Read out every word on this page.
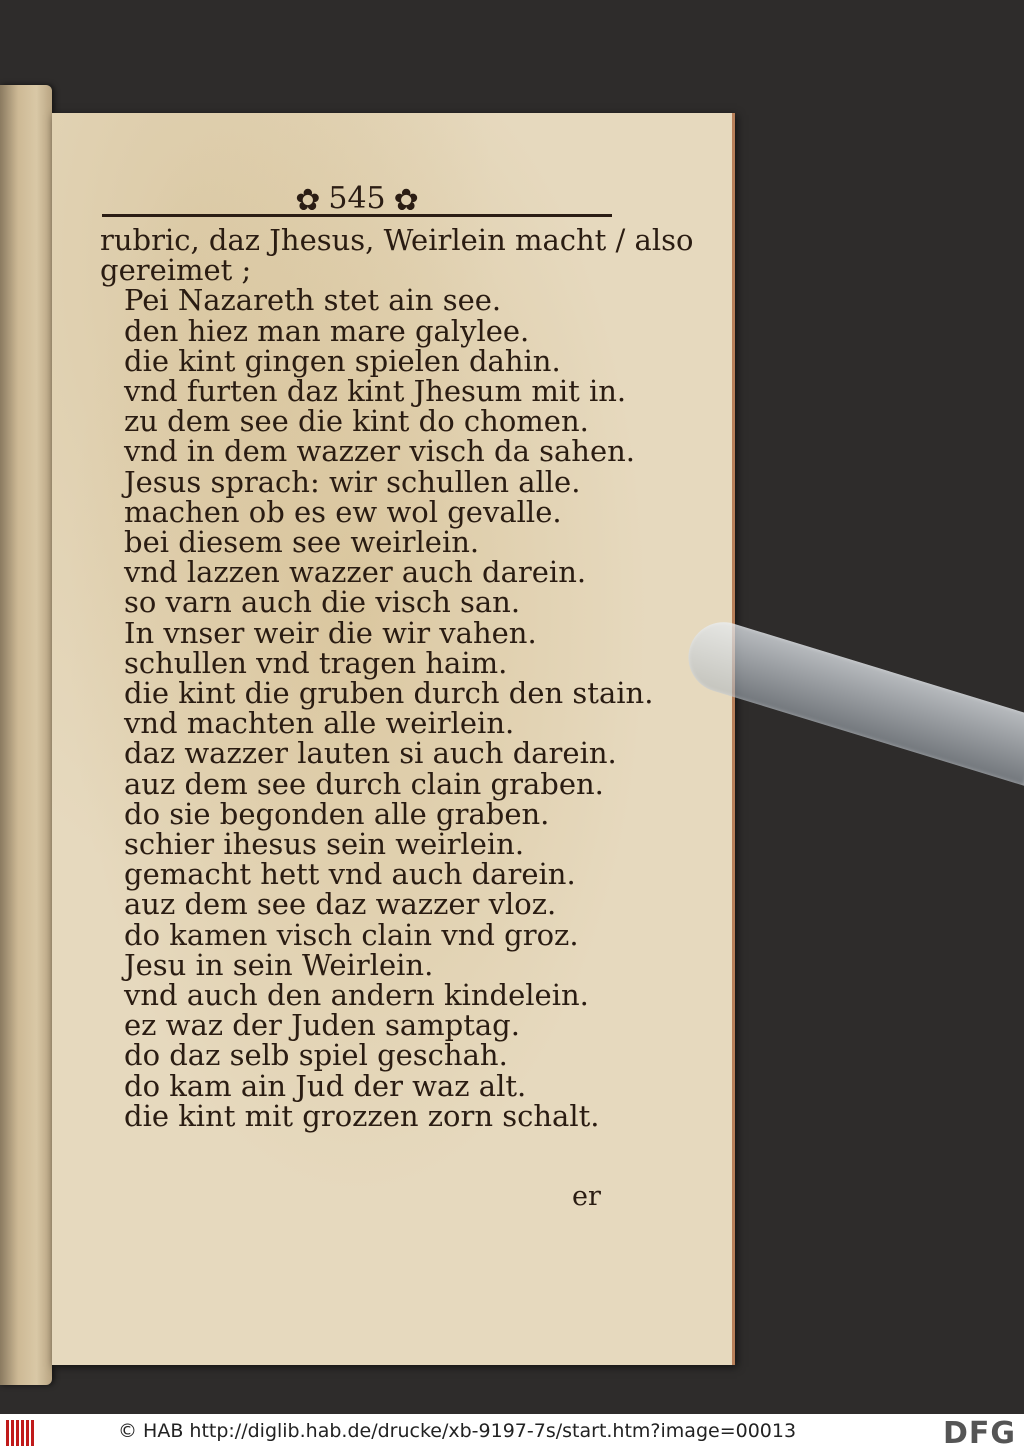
✿ 545 ✿
rubric, daz Jhesus, Weirlein macht / also
gereimet ;
Pei Nazareth stet ain see.
den hiez man mare galylee.
die kint gingen spielen dahin.
vnd furten daz kint Jhesum mit in.
zu dem see die kint do chomen.
vnd in dem wazzer visch da sahen.
Jesus sprach: wir schullen alle.
machen ob es ew wol gevalle.
bei diesem see weirlein.
vnd lazzen wazzer auch darein.
so varn auch die visch san.
In vnser weir die wir vahen.
schullen vnd tragen haim.
die kint die gruben durch den stain.
vnd machten alle weirlein.
daz wazzer lauten si auch darein.
auz dem see durch clain graben.
do sie begonden alle graben.
schier ihesus sein weirlein.
gemacht hett vnd auch darein.
auz dem see daz wazzer vloz.
do kamen visch clain vnd groz.
Jesu in sein Weirlein.
vnd auch den andern kindelein.
ez waz der Juden samptag.
do daz selb spiel geschah.
do kam ain Jud der waz alt.
die kint mit grozzen zorn schalt.
er
© HAB http://diglib.hab.de/drucke/xb-9197-7s/start.htm?image=00013	DFG
